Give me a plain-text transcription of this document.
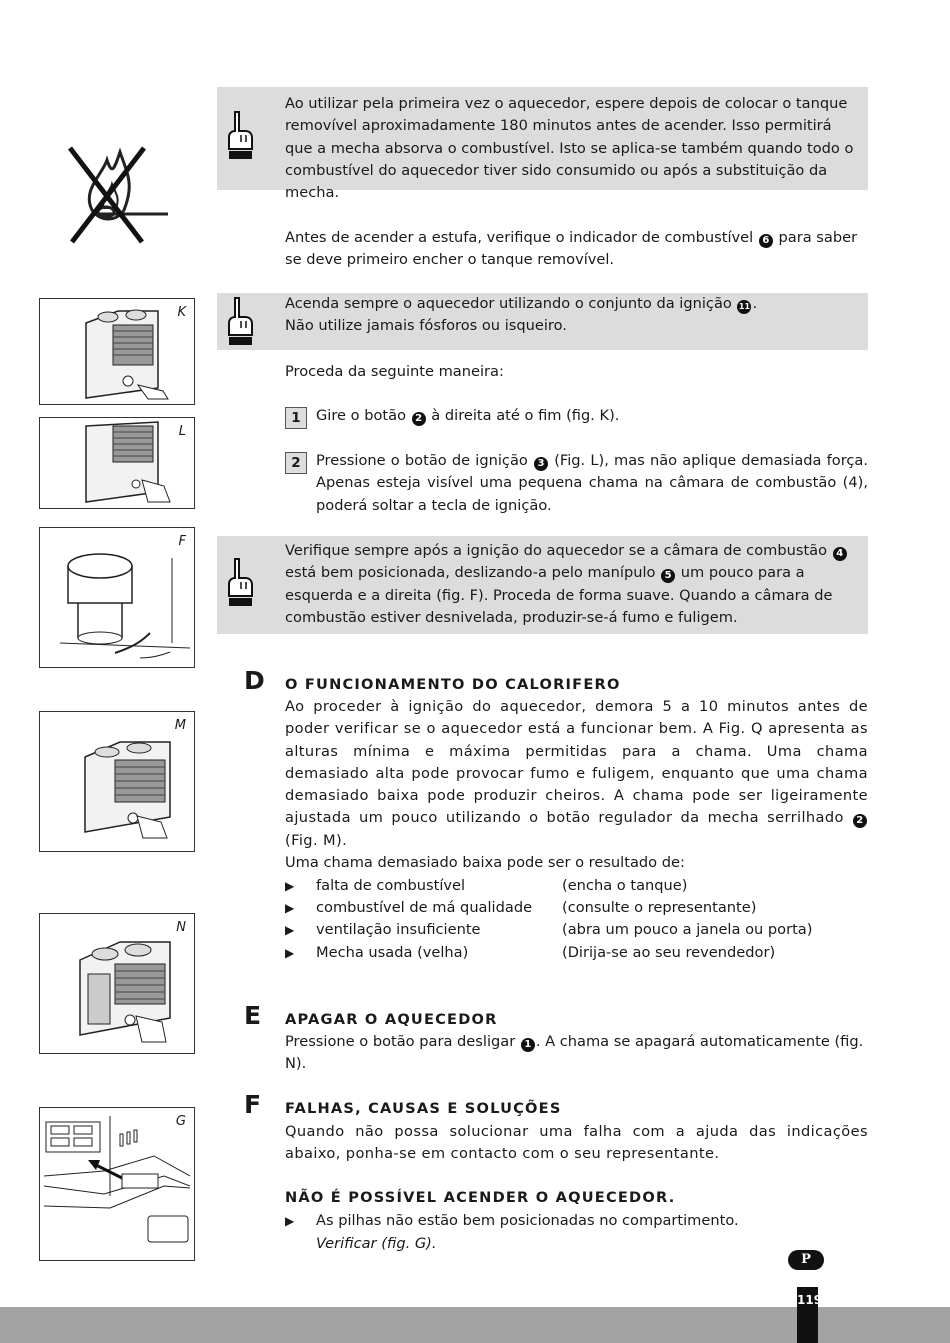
Ao utilizar pela primeira vez o aquecedor, espere depois de colocar o tanque removível aproximadamente 180 minutos antes de acender. Isso permitirá que a mecha absorva o combustível. Isto se aplica-se também quando todo o combustível do aquecedor tiver sido consumido ou após a substituição da mecha.
Antes de acender a estufa, verifique o indicador de combustível 6 para saber se deve primeiro encher o tanque removível.
K
Acenda sempre o aquecedor utilizando o conjunto da ignição 11 .
Não utilize jamais fósforos ou isqueiro.
Proceda da seguinte maneira:
1	Gire o botão 2 à direita até o fim (fig. K).
L
2	Pressione o botão de ignição 3 (Fig. L), mas não aplique demasiada força. Apenas esteja visível uma pequena chama na câmara de combustão (4), poderá soltar a tecla de ignição.
F
Verifique sempre após a ignição do aquecedor se a câmara de combustão 4 está bem posicionada, deslizando-a pelo manípulo 5 um pouco para a esquerda e a direita (fig. F). Proceda de forma suave. Quando a câmara de combustão estiver desnivelada, produzir-se-á fumo e fuligem.
D O FUNCIONAMENTO DO CALORIFERO
Ao proceder à ignição do aquecedor, demora 5 a 10 minutos antes de poder verificar se o aquecedor está a funcionar bem. A Fig. Q apresenta as alturas mínima e máxima permitidas para a chama. Uma chama demasiado alta pode provocar fumo e fuligem, enquanto que uma chama demasiado baixa pode produzir cheiros. A chama pode ser ligeiramente ajustada um pouco utilizando o botão regulador da mecha serrilhado 2 (Fig. M).
M
Uma chama demasiado baixa pode ser o resultado de:
▶ falta de combustível	(encha o tanque)
▶ combustível de má qualidade (consulte o representante)
▶ ventilação insuficiente	(abra um pouco a janela ou porta)
▶ Mecha usada (velha)	(Dirija-se ao seu revendedor)
N
E APAGAR O AQUECEDOR
Pressione o botão para desligar 1 . A chama se apagará automaticamente (fig. N).
F FALHAS, CAUSAS E SOLUÇÕES
Quando não possa solucionar uma falha com a ajuda das indicações abaixo, ponha-se em contacto com o seu representante.
NÃO É POSSÍVEL ACENDER O AQUECEDOR.
▶ As pilhas não estão bem posicionadas no compartimento.
Verificar (fig. G).
G
P
119
